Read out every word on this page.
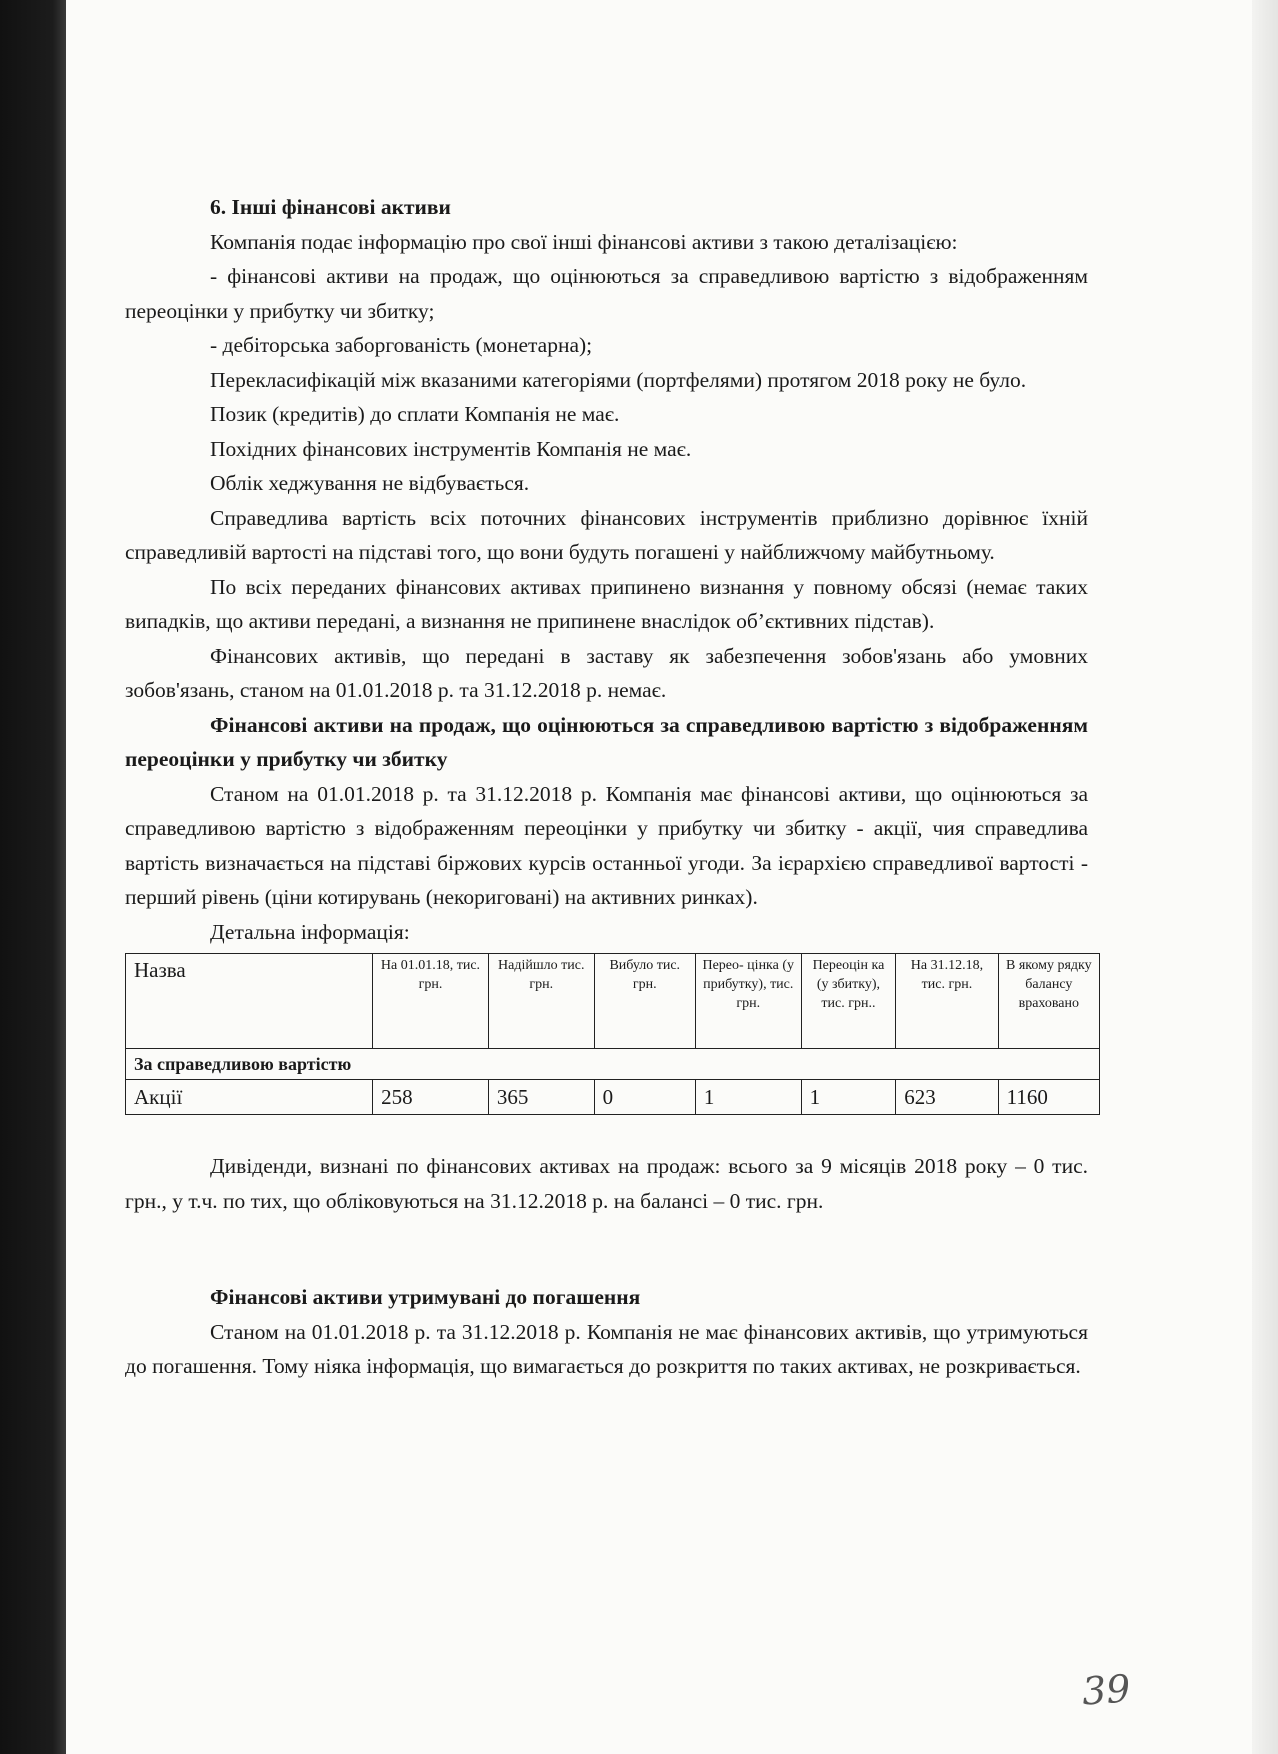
6. Інші фінансові активи

Компанія подає інформацію про свої інші фінансові активи з такою деталізацією:

- фінансові активи на продаж, що оцінюються за справедливою вартістю з відображенням переоцінки у прибутку чи збитку;

- дебіторська заборгованість (монетарна);

Перекласифікацій між вказаними категоріями (портфелями) протягом 2018 року не було.

Позик (кредитів) до сплати Компанія не має.

Похідних фінансових інструментів Компанія не має.

Облік хеджування не відбувається.

Справедлива вартість всіх поточних фінансових інструментів приблизно дорівнює їхній справедливій вартості на підставі того, що вони будуть погашені у найближчому майбутньому.

По всіх переданих фінансових активах припинено визнання у повному обсязі (немає таких випадків, що активи передані, а визнання не припинене внаслідок об’єктивних підстав).

Фінансових активів, що передані в заставу як забезпечення зобов'язань або умовних зобов'язань, станом на 01.01.2018 р. та 31.12.2018 р. немає.

Фінансові активи на продаж, що оцінюються за справедливою вартістю з відображенням переоцінки у прибутку чи збитку

Станом на 01.01.2018 р. та 31.12.2018 р. Компанія має фінансові активи, що оцінюються за справедливою вартістю з відображенням переоцінки у прибутку чи збитку - акції, чия справедлива вартість визначається на підставі біржових курсів останньої угоди. За ієрархією справедливої вартості - перший рівень (ціни котирувань (некориговані) на активних ринках).

Детальна інформація:

Назва	На 01.01.18, тис. грн.	Надійшло тис. грн.	Вибуло тис. грн.	Перео- цінка (у прибутку), тис. грн.	Переоцін ка (у збитку), тис. грн..	На 31.12.18, тис. грн.	В якому рядку балансу враховано
За справедливою вартістю							
Акції	258	365	0	1	1	623	1160

Дивіденди, визнані по фінансових активах на продаж: всього за 9 місяців 2018 року – 0 тис. грн., у т.ч. по тих, що обліковуються на 31.12.2018 р. на балансі – 0 тис. грн.

Фінансові активи утримувані до погашення

Станом на 01.01.2018 р. та 31.12.2018 р. Компанія не має фінансових активів, що утримуються до погашення. Тому ніяка інформація, що вимагається до розкриття по таких активах, не розкривається.

39
